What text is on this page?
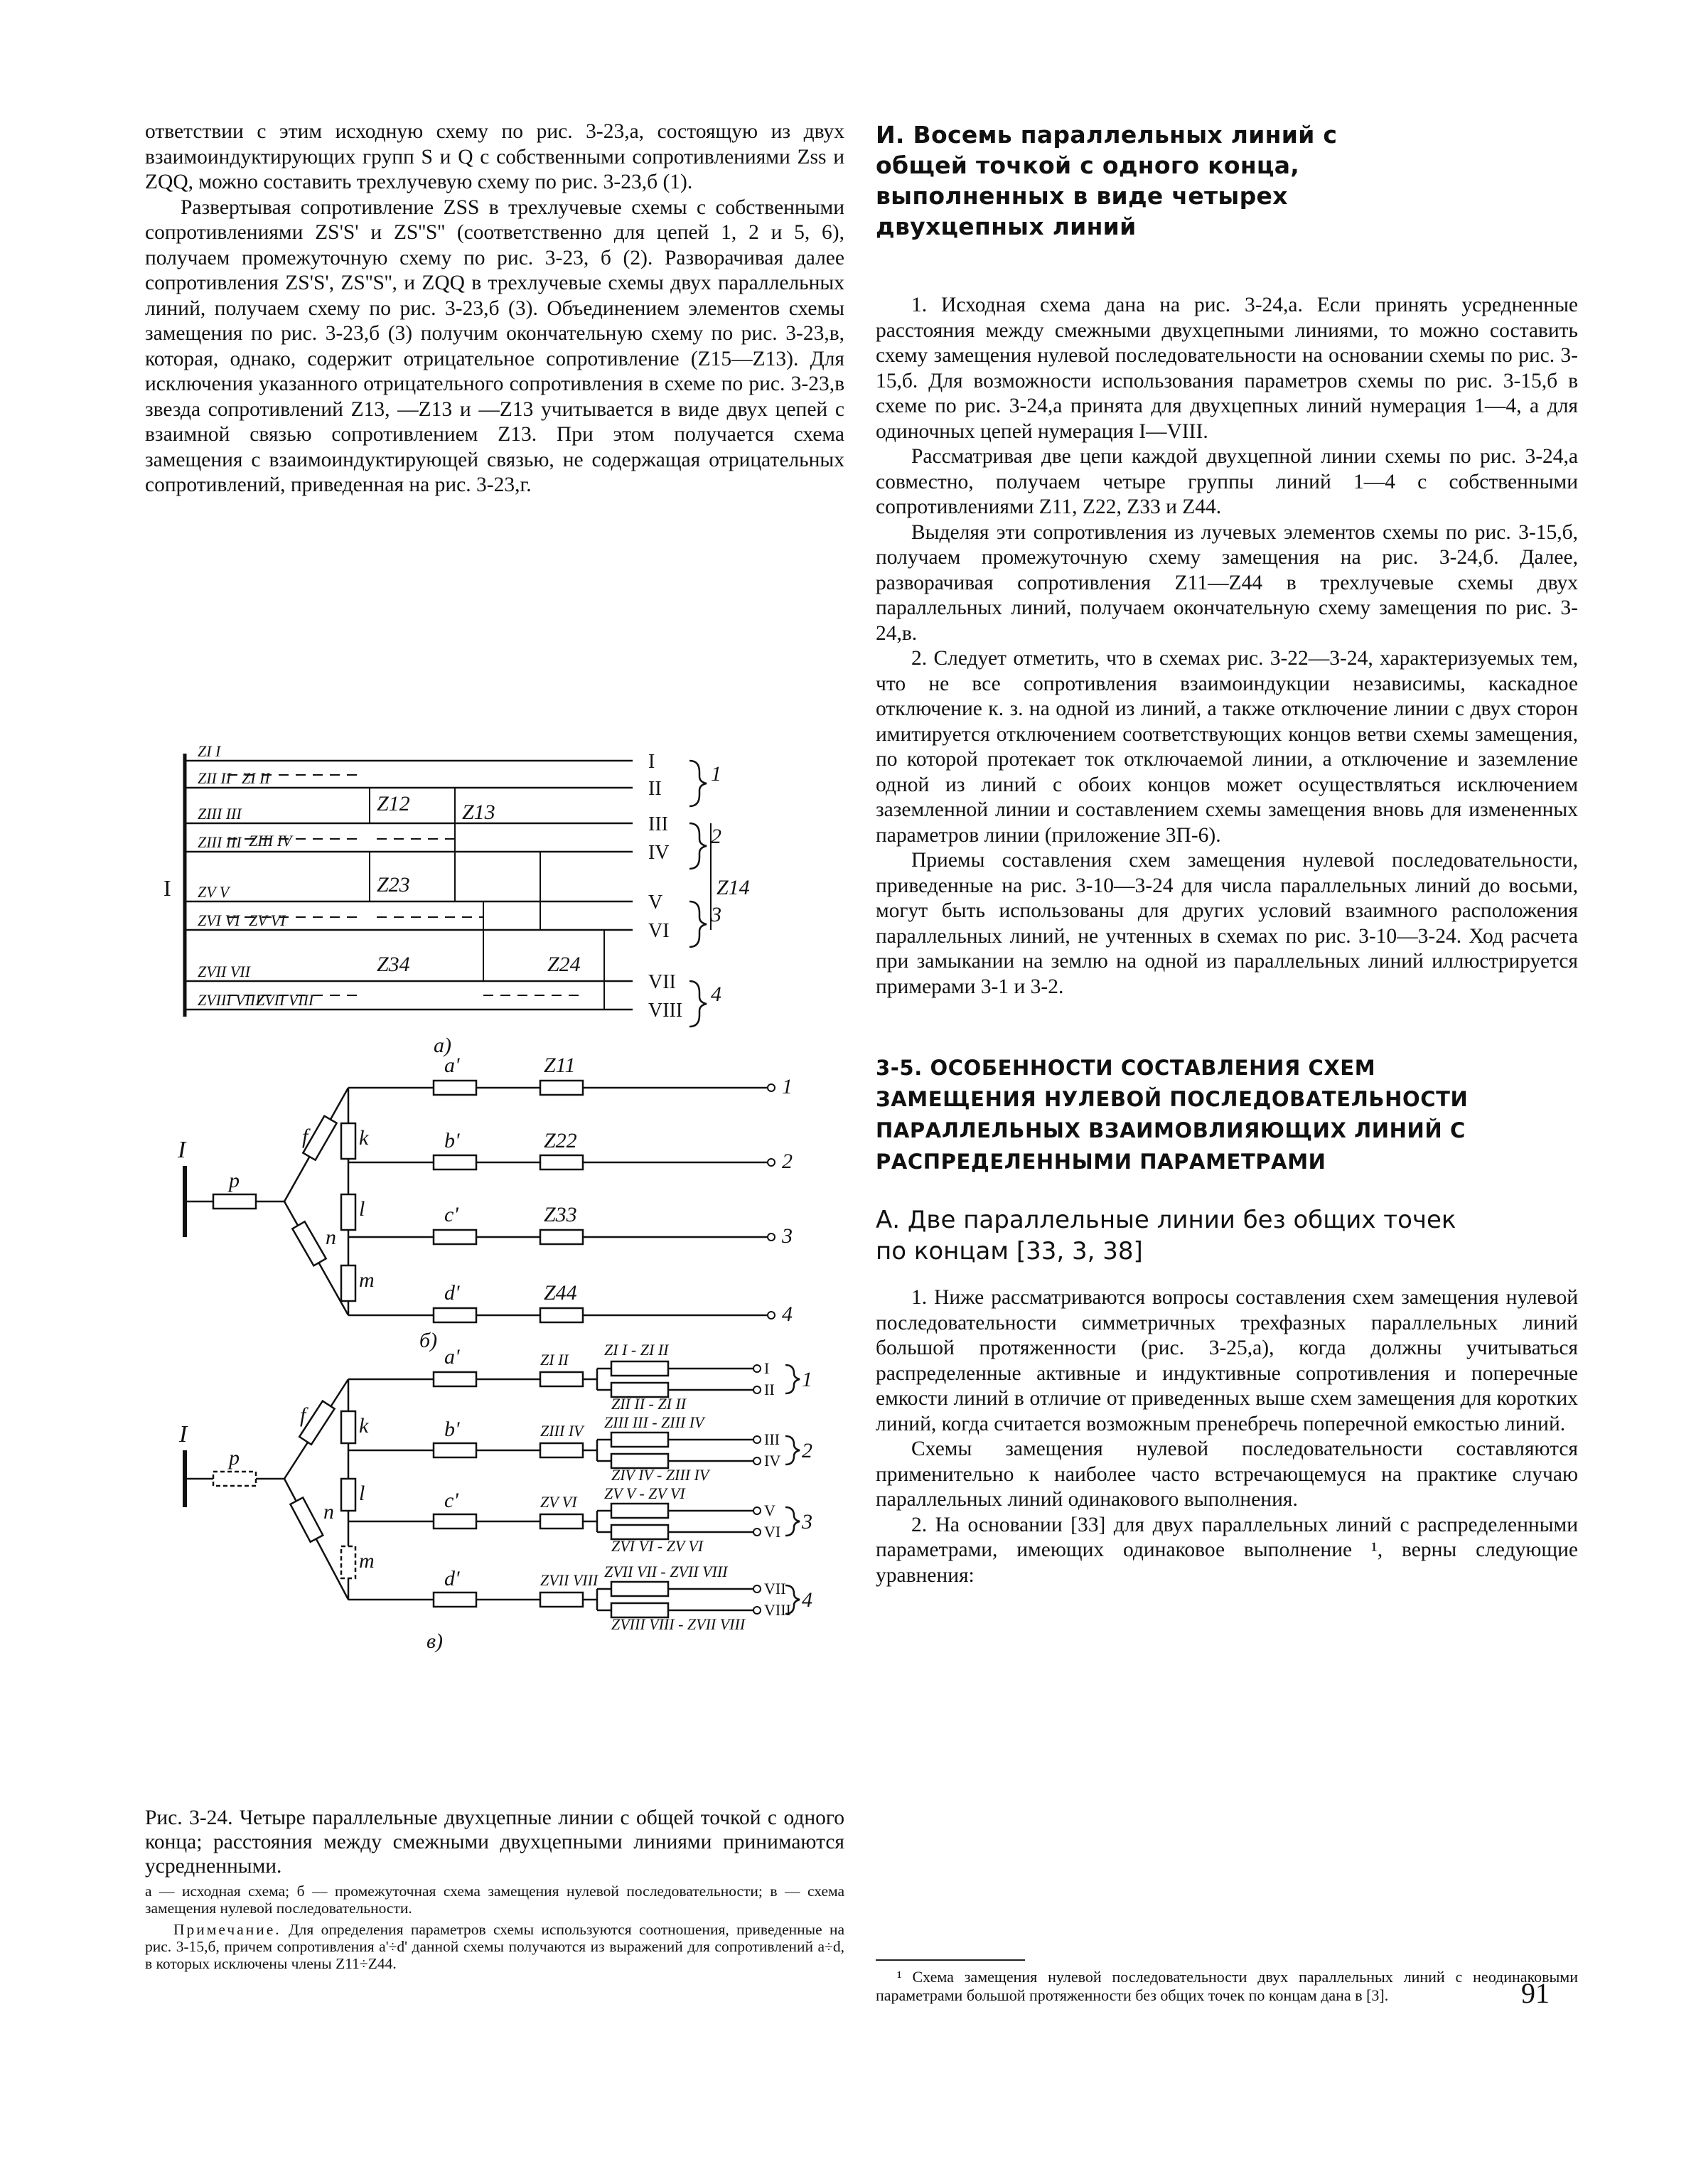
ответствии с этим исходную схему по рис. 3-23,а, состоящую из двух взаимоиндуктирующих групп S и Q с собственными сопротивлениями Zss и ZQQ, можно составить трехлучевую схему по рис. 3-23,б (1).

Развертывая сопротивление ZSS в трехлучевые схемы с собственными сопротивлениями ZS'S' и ZS''S'' (соответственно для цепей 1, 2 и 5, 6), получаем промежуточную схему по рис. 3-23, б (2). Разворачивая далее сопротивления ZS'S', ZS''S'', и ZQQ в трехлучевые схемы двух параллельных линий, получаем схему по рис. 3-23,б (3). Объединением элементов схемы замещения по рис. 3-23,б (3) получим окончательную схему по рис. 3-23,в, которая, однако, содержит отрицательное сопротивление (Z15—Z13). Для исключения указанного отрицательного сопротивления в схеме по рис. 3-23,в звезда сопротивлений Z13, —Z13 и —Z13 учитывается в виде двух цепей с взаимной связью сопротивлением Z13. При этом получается схема замещения с взаимоиндуктирующей связью, не содержащая отрицательных сопротивлений, приведенная на рис. 3-23,г.

ZI I
ZII II ZI II
ZIII III
ZIII III ZIII IV
ZV V
ZVI VI ZV VI
ZVII VII
ZVIII VIII
ZVII VIII
Z12 Z13
Z23	Z14
Z34	Z24
I
II
III
IV
V
VI
VII
VIII
1
2
3
4
I
а)
I
p
f
n
k
l
m
a'
b'
c'
d'
Z11
Z22
Z33
Z44
1
2
3
4
б)
I
p
f
n
k
l
m
a'
b'
c'
d'
ZI II
ZIII IV
ZV VI
ZVII VIII
ZI I - ZI II
ZII II - ZI II
ZIII III - ZIII IV
ZIV IV - ZIII IV
ZV V - ZV VI
ZVI VI - ZV VI
ZVII VII - ZVII VIII
ZVIII VIII - ZVII VIII
I
II
III
IV
V
VI
VII
VIII
1
2
3
4
в)

Рис. 3-24. Четыре параллельные двухцепные линии с общей точкой с одного конца; расстояния между смежными двухцепными линиями принимаются усредненными.

а — исходная схема; б — промежуточная схема замещения нулевой последовательности; в — схема замещения нулевой последовательности.

Примечание. Для определения параметров схемы используются соотношения, приведенные на рис. 3-15,б, причем сопротивления a'÷d' данной схемы получаются из выражений для сопротивлений a÷d, в которых исключены члены Z11÷Z44.

И. Восемь параллельных линий с общей точкой с одного конца, выполненных в виде четырех двухцепных линий

1. Исходная схема дана на рис. 3-24,а. Если принять усредненные расстояния между смежными двухцепными линиями, то можно составить схему замещения нулевой последовательности на основании схемы по рис. 3-15,б. Для возможности использования параметров схемы по рис. 3-15,б в схеме по рис. 3-24,а принята для двухцепных линий нумерация 1—4, а для одиночных цепей нумерация I—VIII.

Рассматривая две цепи каждой двухцепной линии схемы по рис. 3-24,а совместно, получаем четыре группы линий 1—4 с собственными сопротивлениями Z11, Z22, Z33 и Z44.

Выделяя эти сопротивления из лучевых элементов схемы по рис. 3-15,б, получаем промежуточную схему замещения на рис. 3-24,б. Далее, разворачивая сопротивления Z11—Z44 в трехлучевые схемы двух параллельных линий, получаем окончательную схему замещения по рис. 3-24,в.

2. Следует отметить, что в схемах рис. 3-22—3-24, характеризуемых тем, что не все сопротивления взаимоиндукции независимы, каскадное отключение к. з. на одной из линий, а также отключение линии с двух сторон имитируется отключением соответствующих концов ветви схемы замещения, по которой протекает ток отключаемой линии, а отключение и заземление одной из линий с обоих концов может осуществляться исключением заземленной линии и составлением схемы замещения вновь для измененных параметров линии (приложение 3П-6).

Приемы составления схем замещения нулевой последовательности, приведенные на рис. 3-10—3-24 для числа параллельных линий до восьми, могут быть использованы для других условий взаимного расположения параллельных линий, не учтенных в схемах по рис. 3-10—3-24. Ход расчета при замыкании на землю на одной из параллельных линий иллюстрируется примерами 3-1 и 3-2.

3-5. ОСОБЕННОСТИ СОСТАВЛЕНИЯ СХЕМ ЗАМЕЩЕНИЯ НУЛЕВОЙ ПОСЛЕДОВАТЕЛЬНОСТИ ПАРАЛЛЕЛЬНЫХ ВЗАИМОВЛИЯЮЩИХ ЛИНИЙ С РАСПРЕДЕЛЕННЫМИ ПАРАМЕТРАМИ
А. Две параллельные линии без общих точек по концам [33, 3, 38]

1. Ниже рассматриваются вопросы составления схем замещения нулевой последовательности симметричных трехфазных параллельных линий большой протяженности (рис. 3-25,а), когда должны учитываться распределенные активные и индуктивные сопротивления и поперечные емкости линий в отличие от приведенных выше схем замещения для коротких линий, когда считается возможным пренебречь поперечной емкостью линий.

Схемы замещения нулевой последовательности составляются применительно к наиболее часто встречающемуся на практике случаю параллельных линий одинакового выполнения.

2. На основании [33] для двух параллельных линий с распределенными параметрами, имеющих одинаковое выполнение ¹, верны следующие уравнения:

¹ Схема замещения нулевой последовательности двух параллельных линий с неодинаковыми параметрами большой протяженности без общих точек по концам дана в [3].	91
